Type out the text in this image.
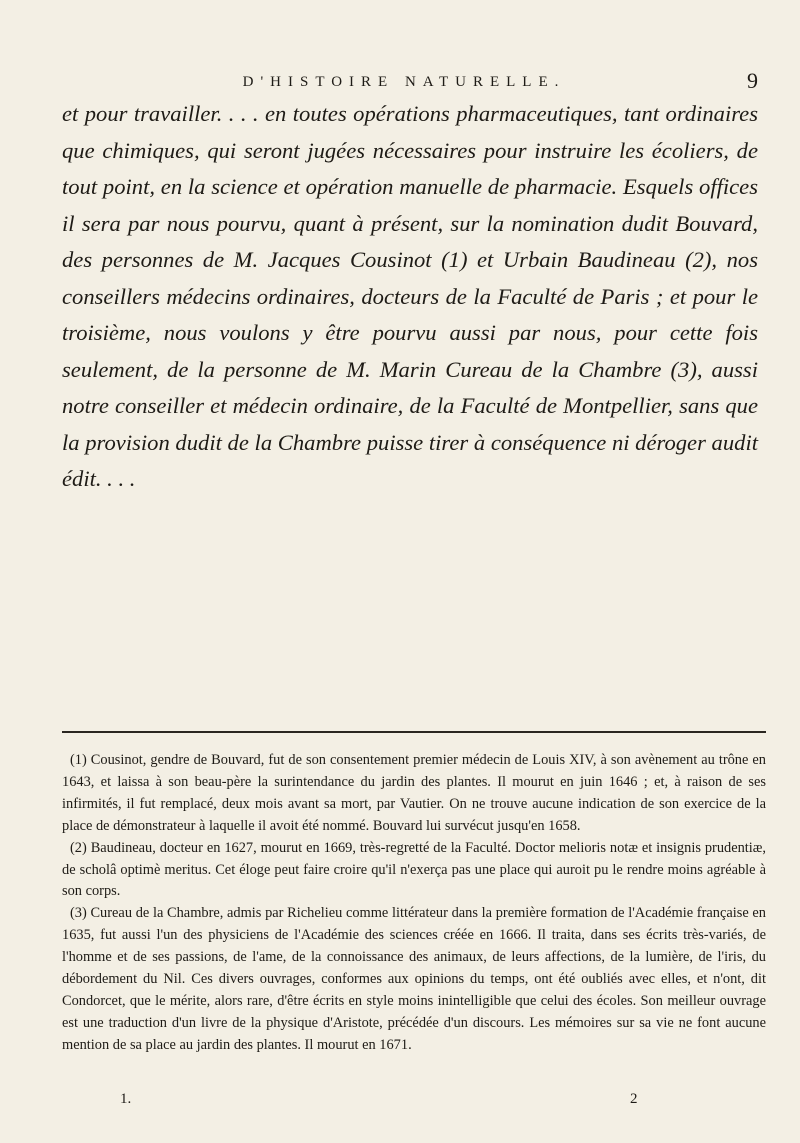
D'HISTOIRE NATURELLE.	9

et pour travailler. . . . en toutes opérations pharmaceutiques, tant ordinaires que chimiques, qui seront jugées nécessaires pour instruire les écoliers, de tout point, en la science et opération manuelle de pharmacie. Esquels offices il sera par nous pourvu, quant à présent, sur la nomination dudit Bouvard, des personnes de M. Jacques Cousinot (1) et Urbain Baudineau (2), nos conseillers médecins ordinaires, docteurs de la Faculté de Paris ; et pour le troisième, nous voulons y être pourvu aussi par nous, pour cette fois seulement, de la personne de M. Marin Cureau de la Chambre (3), aussi notre conseiller et médecin ordinaire, de la Faculté de Montpellier, sans que la provision dudit de la Chambre puisse tirer à conséquence ni déroger audit édit. . . .

(1) Cousinot, gendre de Bouvard, fut de son consentement premier médecin de Louis XIV, à son avènement au trône en 1643, et laissa à son beau-père la surintendance du jardin des plantes. Il mourut en juin 1646 ; et, à raison de ses infirmités, il fut remplacé, deux mois avant sa mort, par Vautier. On ne trouve aucune indication de son exercice de la place de démonstrateur à laquelle il avoit été nommé. Bouvard lui survécut jusqu'en 1658.

(2) Baudineau, docteur en 1627, mourut en 1669, très-regretté de la Faculté. Doctor melioris notæ et insignis prudentiæ, de scholâ optimè meritus. Cet éloge peut faire croire qu'il n'exerça pas une place qui auroit pu le rendre moins agréable à son corps.

(3) Cureau de la Chambre, admis par Richelieu comme littérateur dans la première formation de l'Académie française en 1635, fut aussi l'un des physiciens de l'Académie des sciences créée en 1666. Il traita, dans ses écrits très-variés, de l'homme et de ses passions, de l'ame, de la connoissance des animaux, de leurs affections, de la lumière, de l'iris, du débordement du Nil. Ces divers ouvrages, conformes aux opinions du temps, ont été oubliés avec elles, et n'ont, dit Condorcet, que le mérite, alors rare, d'être écrits en style moins inintelligible que celui des écoles. Son meilleur ouvrage est une traduction d'un livre de la physique d'Aristote, précédée d'un discours. Les mémoires sur sa vie ne font aucune mention de sa place au jardin des plantes. Il mourut en 1671.

1.	2
